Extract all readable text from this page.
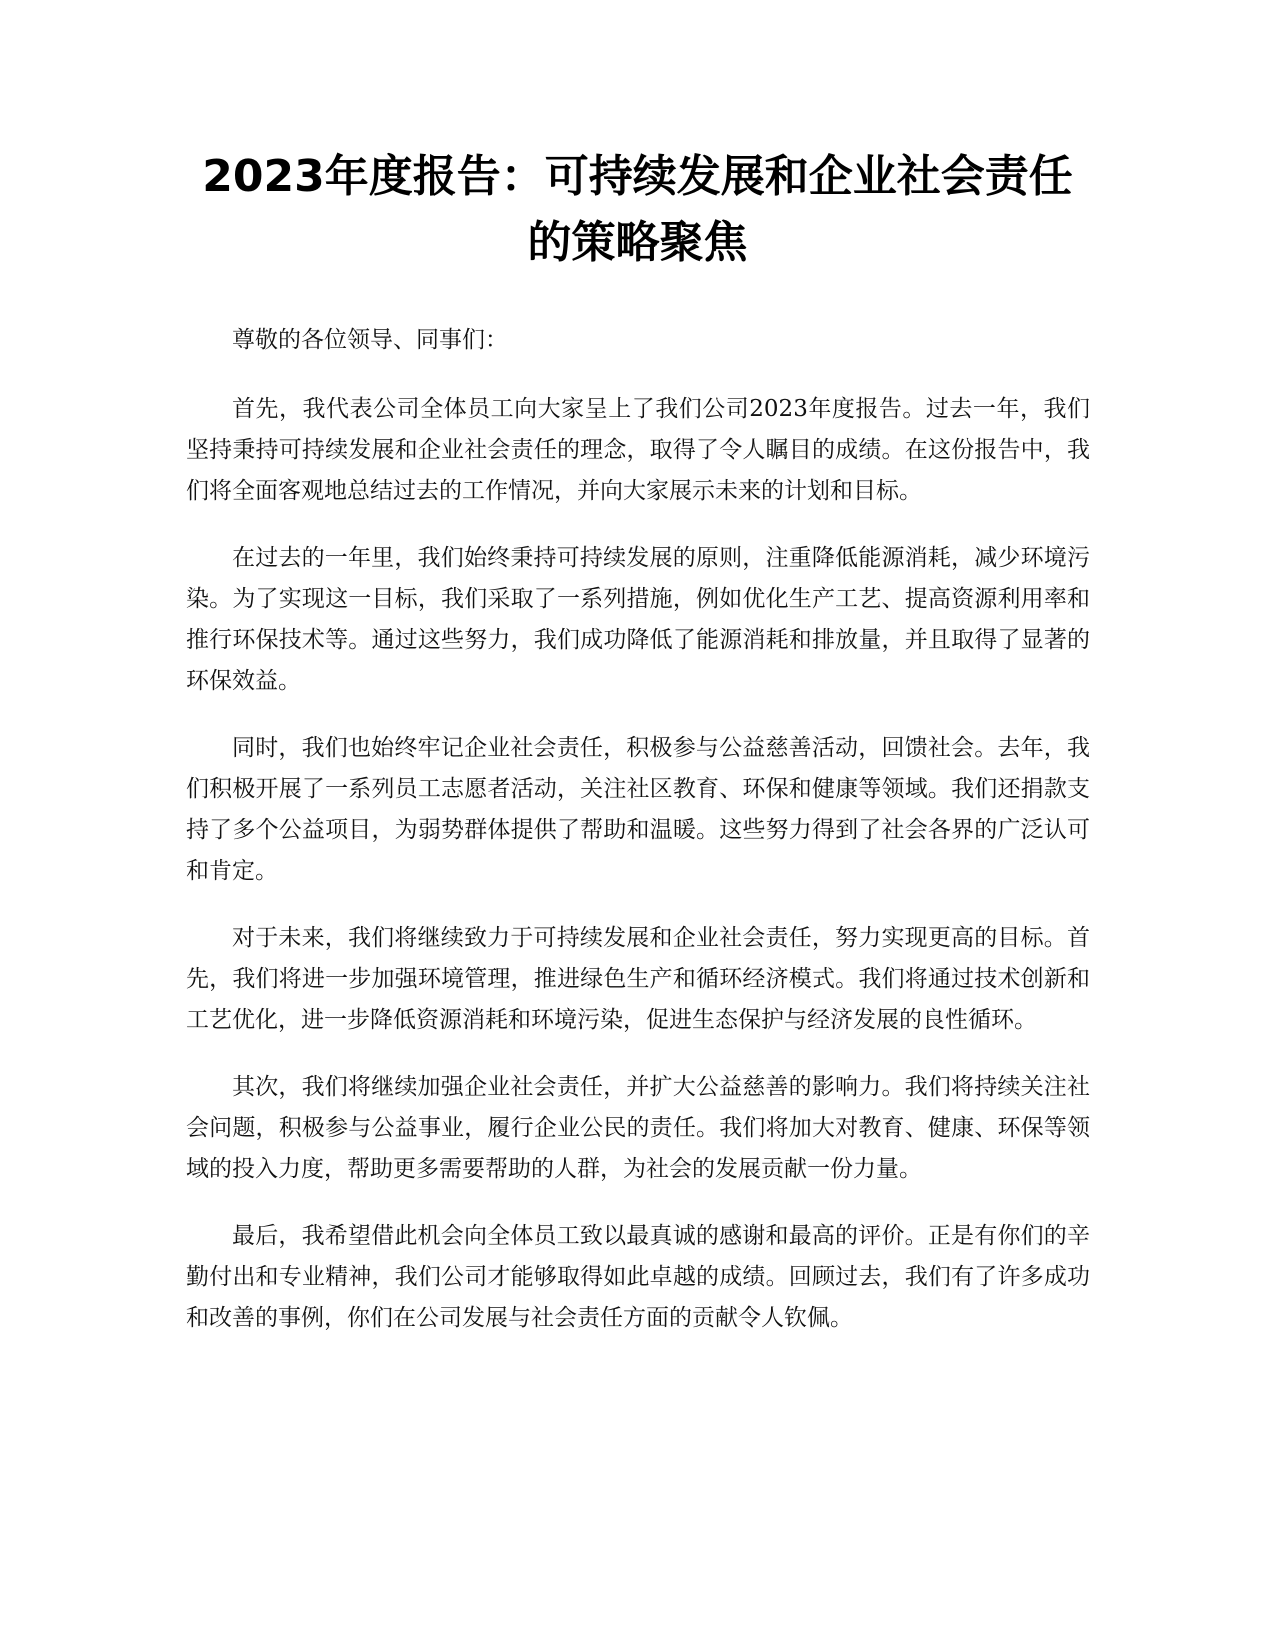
2023年度报告：可持续发展和企业社会责任
的策略聚焦

尊敬的各位领导、同事们：

首先，我代表公司全体员工向大家呈上了我们公司2023年度报告。过去一年，我们坚持秉持可持续发展和企业社会责任的理念，取得了令人瞩目的成绩。在这份报告中，我们将全面客观地总结过去的工作情况，并向大家展示未来的计划和目标。

在过去的一年里，我们始终秉持可持续发展的原则，注重降低能源消耗，减少环境污染。为了实现这一目标，我们采取了一系列措施，例如优化生产工艺、提高资源利用率和推行环保技术等。通过这些努力，我们成功降低了能源消耗和排放量，并且取得了显著的环保效益。

同时，我们也始终牢记企业社会责任，积极参与公益慈善活动，回馈社会。去年，我们积极开展了一系列员工志愿者活动，关注社区教育、环保和健康等领域。我们还捐款支持了多个公益项目，为弱势群体提供了帮助和温暖。这些努力得到了社会各界的广泛认可和肯定。

对于未来，我们将继续致力于可持续发展和企业社会责任，努力实现更高的目标。首先，我们将进一步加强环境管理，推进绿色生产和循环经济模式。我们将通过技术创新和工艺优化，进一步降低资源消耗和环境污染，促进生态保护与经济发展的良性循环。

其次，我们将继续加强企业社会责任，并扩大公益慈善的影响力。我们将持续关注社会问题，积极参与公益事业，履行企业公民的责任。我们将加大对教育、健康、环保等领域的投入力度，帮助更多需要帮助的人群，为社会的发展贡献一份力量。

最后，我希望借此机会向全体员工致以最真诚的感谢和最高的评价。正是有你们的辛勤付出和专业精神，我们公司才能够取得如此卓越的成绩。回顾过去，我们有了许多成功和改善的事例，你们在公司发展与社会责任方面的贡献令人钦佩。
